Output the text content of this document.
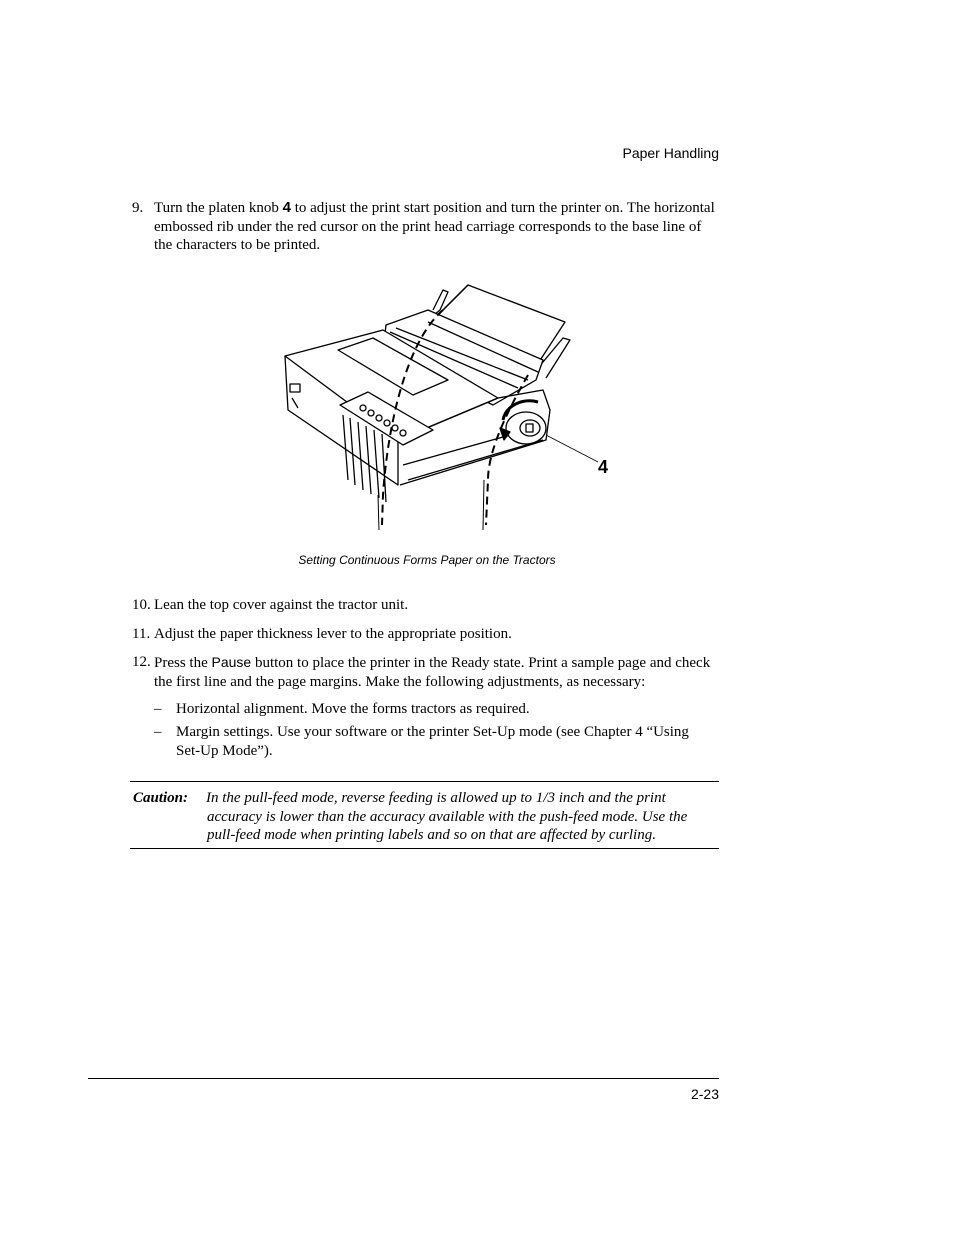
Paper Handling
9. Turn the platen knob 4 to adjust the print start position and turn the printer on. The horizontal embossed rib under the red cursor on the print head carriage corresponds to the base line of the characters to be printed.
4
Setting Continuous Forms Paper on the Tractors
10. Lean the top cover against the tractor unit.
11. Adjust the paper thickness lever to the appropriate position.
12. Press the Pause button to place the printer in the Ready state. Print a sample page and check the first line and the page margins. Make the following adjustments, as necessary:
– Horizontal alignment. Move the forms tractors as required.
– Margin settings. Use your software or the printer Set-Up mode (see Chapter 4 “Using Set-Up Mode”).
Caution: In the pull-feed mode, reverse feeding is allowed up to 1/3 inch and the print accuracy is lower than the accuracy available with the push-feed mode. Use the pull-feed mode when printing labels and so on that are affected by curling.
2-23
